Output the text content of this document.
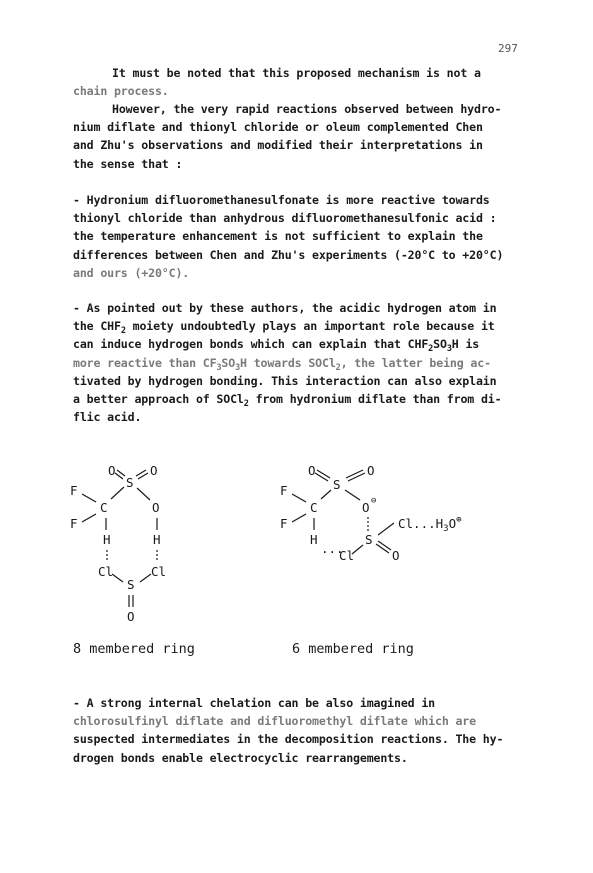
297

It must be noted that this proposed mechanism is not a
chain process.

However, the very rapid reactions observed between hydro-
nium diflate and thionyl chloride or oleum complemented Chen
and Zhu's observations and modified their interpretations in
the sense that :

- Hydronium difluoromethanesulfonate is more reactive towards
thionyl chloride than anhydrous difluoromethanesulfonic acid :
the temperature enhancement is not sufficient to explain the
differences between Chen and Zhu's experiments (-20°C to +20°C)
and ours (+20°C).

- As pointed out by these authors, the acidic hydrogen atom in
the $CHF_2$ moiety undoubtedly plays an important role because it
can induce hydrogen bonds which can explain that $CHF_2SO_3H$ is
more reactive than $CF_3SO_3H$ towards SOCl$_2$, the latter being ac-
tivated by hydrogen bonding. This interaction can also explain
a better approach of SOCl$_2$ from hydronium diflate than from di-
flic acid.

O
S
O
F
C	O
F
H	H
Cl	Cl
S
O
O
S
O
F
C	O ⊖
F	$Cl...H_3O^\oplus$
H
...
Cl
S
O
8 membered ring	6 membered ring

- A strong internal chelation can be also imagined in
chlorosulfinyl diflate and difluoromethyl diflate which are
suspected intermediates in the decomposition reactions. The hy-
drogen bonds enable electrocyclic rearrangements.
